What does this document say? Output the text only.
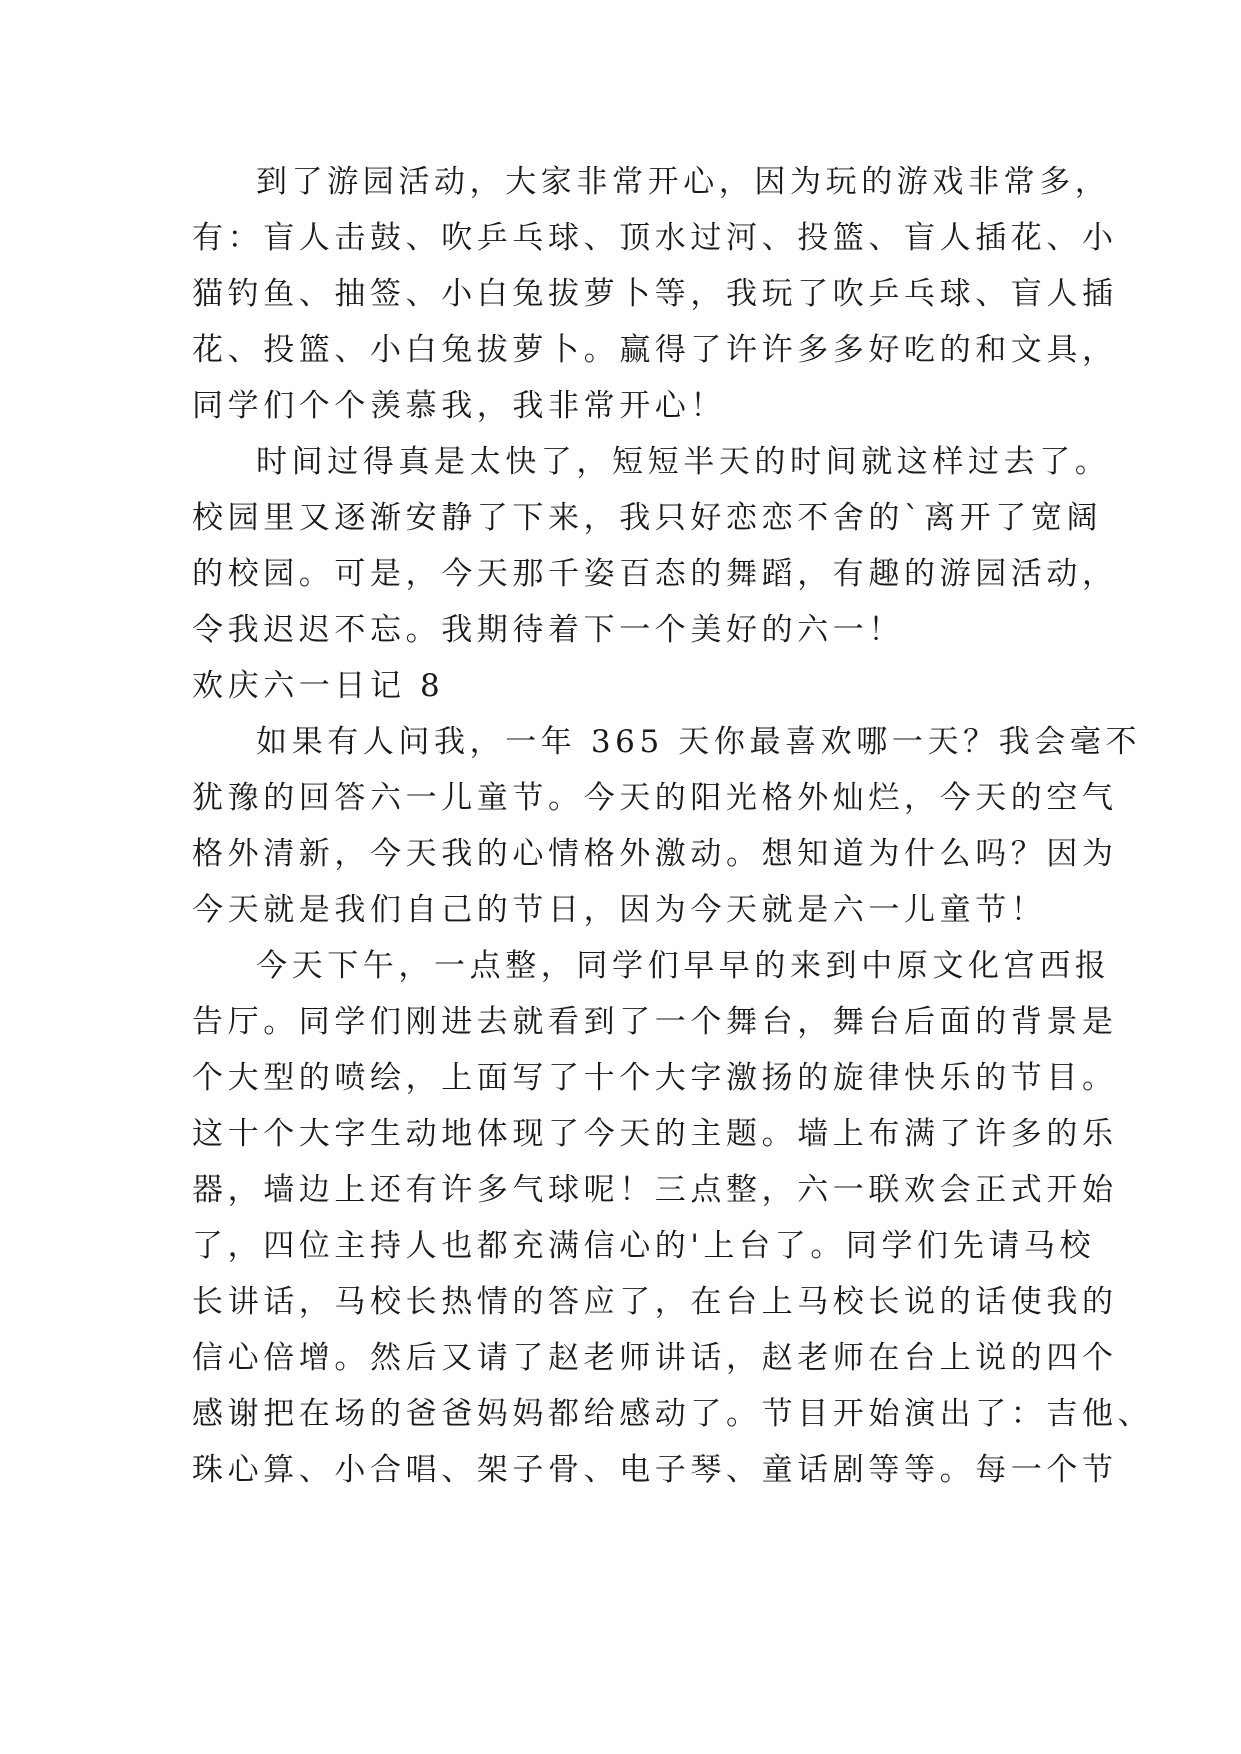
到了游园活动，大家非常开心，因为玩的游戏非常多，
有：盲人击鼓、吹乒乓球、顶水过河、投篮、盲人插花、小
猫钓鱼、抽签、小白兔拔萝卜等，我玩了吹乒乓球、盲人插
花、投篮、小白兔拔萝卜。赢得了许许多多好吃的和文具，
同学们个个羡慕我，我非常开心！
时间过得真是太快了，短短半天的时间就这样过去了。
校园里又逐渐安静了下来，我只好恋恋不舍的`离开了宽阔
的校园。可是，今天那千姿百态的舞蹈，有趣的游园活动，
令我迟迟不忘。我期待着下一个美好的六一！
欢庆六一日记 8
如果有人问我，一年 365 天你最喜欢哪一天？我会毫不
犹豫的回答六一儿童节。今天的阳光格外灿烂，今天的空气
格外清新，今天我的心情格外激动。想知道为什么吗？因为
今天就是我们自己的节日，因为今天就是六一儿童节！
今天下午，一点整，同学们早早的来到中原文化宫西报
告厅。同学们刚进去就看到了一个舞台，舞台后面的背景是
个大型的喷绘，上面写了十个大字激扬的旋律快乐的节目。
这十个大字生动地体现了今天的主题。墙上布满了许多的乐
器，墙边上还有许多气球呢！三点整，六一联欢会正式开始
了，四位主持人也都充满信心的'上台了。同学们先请马校
长讲话，马校长热情的答应了，在台上马校长说的话使我的
信心倍增。然后又请了赵老师讲话，赵老师在台上说的四个
感谢把在场的爸爸妈妈都给感动了。节目开始演出了：吉他、
珠心算、小合唱、架子骨、电子琴、童话剧等等。每一个节
